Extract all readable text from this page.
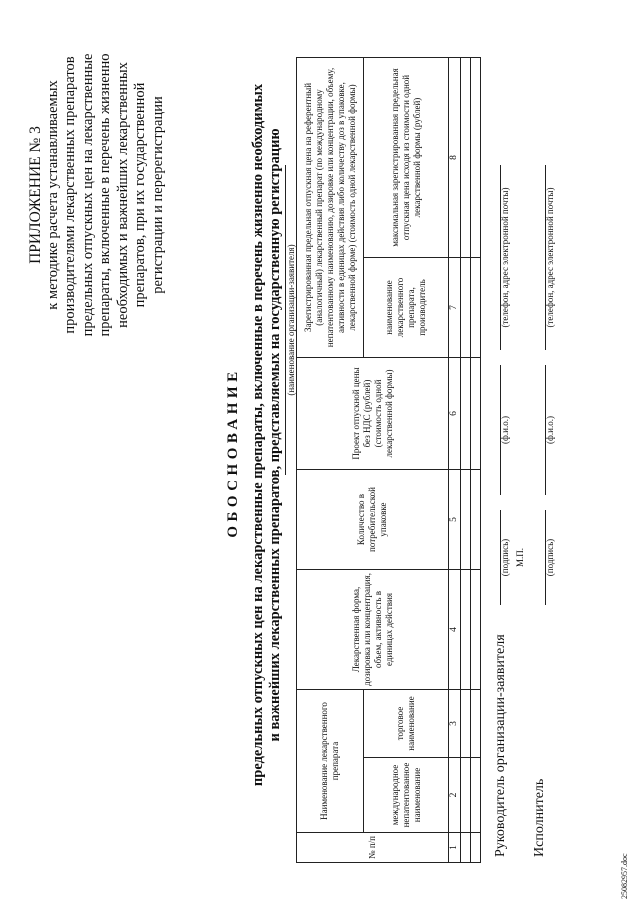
ПРИЛОЖЕНИЕ № 3 к методике расчета устанавливаемых производителями лекарственных препаратов предельных отпускных цен на лекарственные препараты, включенные в перечень жизненно необходимых и важнейших лекарственных препаратов, при их государственной регистрации и перерегистрации
ОБОСНОВАНИЕ предельных отпускных цен на лекарственные препараты, включенные в перечень жизненно необходимых и важнейших лекарственных препаратов, представляемых на государственную регистрацию (наименование организации-заявителя)
№ п/п	Наименование лекарственного препарата		Лекарственная форма, дозировка или концентрация, объем, активность в единицах действия	Количество в потребительской упаковке	Проект отпускной цены без НДС (рублей) (стоимость одной лекарственной формы)	Зарегистрированная предельная отпускная цена на референтный (аналогичный) лекарственный препарат (по международному непатентованному наименованию, дозировке или концентрации, объему, активности в единицах действия либо количеству доз в упаковке, лекарственной форме) (стоимость одной лекарственной формы)	
	международное непатентованное наименование	торговое наименование				наименование лекарственного препарата, производитель	максимальная зарегистрированная предельная отпускная цена исходя из стоимости одной лекарственной формы (рублей)
1	2	3	4	5	6	7	8

Руководитель организации-заявителя
(подпись) М.П.
(ф.и.о.)
(телефон, адрес электронной почты)
Исполнитель
(подпись)
(ф.и.о.)
(телефон, адрес электронной почты)
25082957.doc
